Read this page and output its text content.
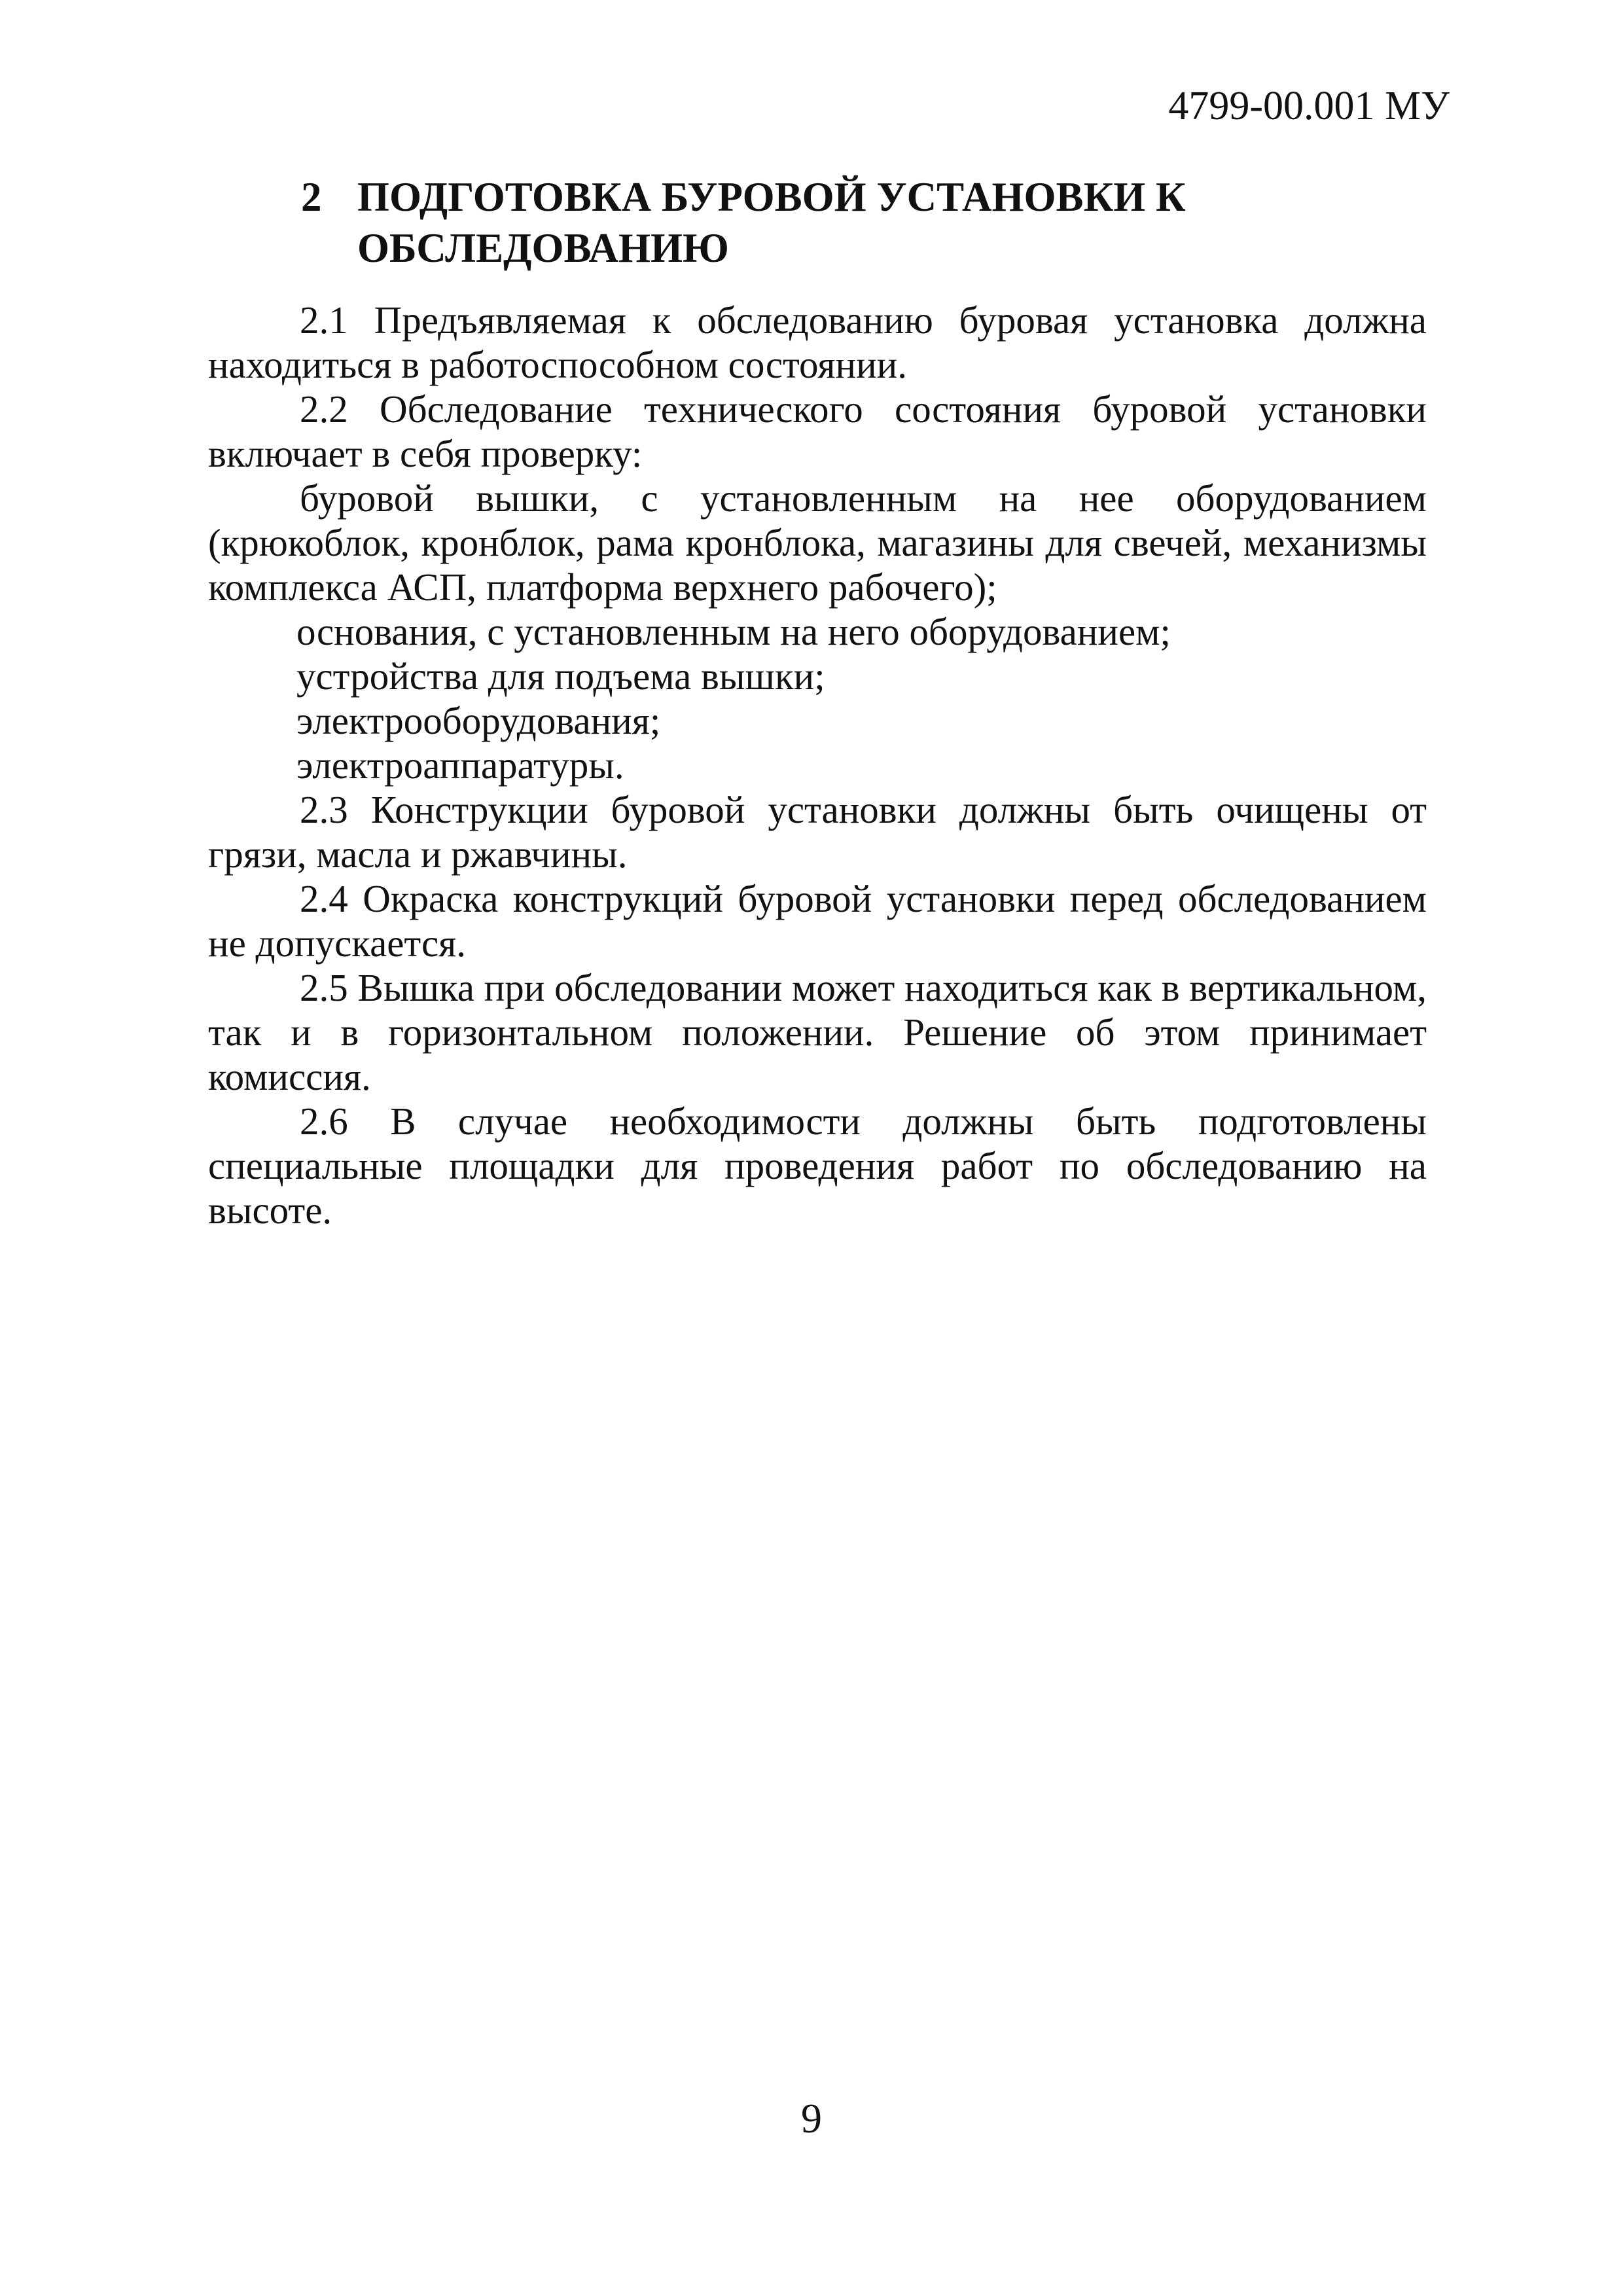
4799-00.001 МУ
2 ПОДГОТОВКА БУРОВОЙ УСТАНОВКИ К
ОБСЛЕДОВАНИЮ

2.1 Предъявляемая к обследованию буровая установка должна находиться в работоспособном состоянии.

2.2 Обследование технического состояния буровой установки включает в себя проверку:

буровой вышки, с установленным на нее оборудованием (крюкоблок, кронблок, рама кронблока, магазины для свечей, механизмы комплекса АСП, платформа верхнего рабочего);

основания, с установленным на него оборудованием;

устройства для подъема вышки;

электрооборудования;

электроаппаратуры.

2.3 Конструкции буровой установки должны быть очищены от грязи, масла и ржавчины.

2.4 Окраска конструкций буровой установки перед обследованием не допускается.

2.5 Вышка при обследовании может находиться как в вертикальном, так и в горизонтальном положении. Решение об этом принимает комиссия.

2.6 В случае необходимости должны быть подготовлены специальные площадки для проведения работ по обследованию на высоте.

9
